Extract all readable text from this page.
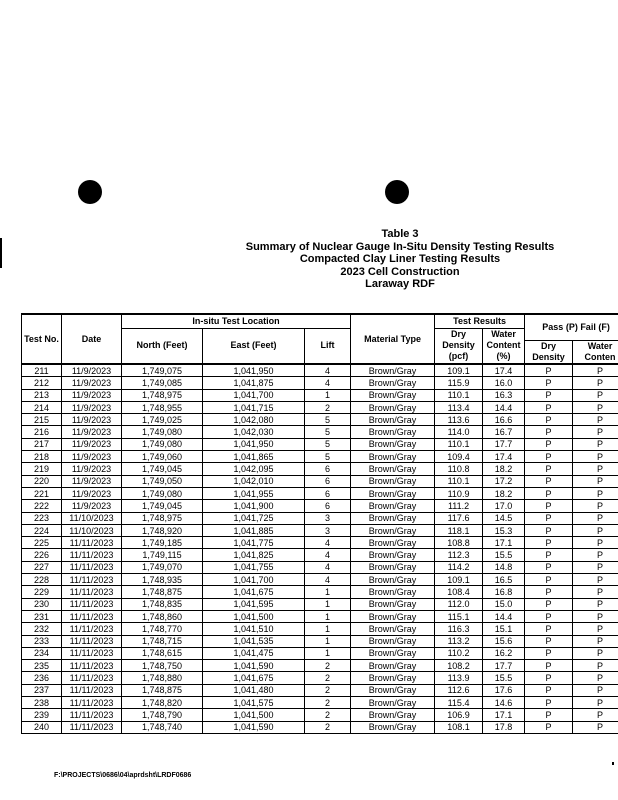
Table 3
Summary of Nuclear Gauge In-Situ Density Testing Results
Compacted Clay Liner Testing Results
2023 Cell Construction
Laraway RDF
Test No.	Date	In-situ Test Location			Material Type	Test Results		Pass (P) Fail (F)	
		North (Feet)	East (Feet)	Lift		Dry Density (pcf)	Water Content (%)		
								Dry Density	Water Conten
211	11/9/2023	1,749,075	1,041,950	4	Brown/Gray	109.1	17.4	P	P
212	11/9/2023	1,749,085	1,041,875	4	Brown/Gray	115.9	16.0	P	P
213	11/9/2023	1,748,975	1,041,700	1	Brown/Gray	110.1	16.3	P	P
214	11/9/2023	1,748,955	1,041,715	2	Brown/Gray	113.4	14.4	P	P
215	11/9/2023	1,749,025	1,042,080	5	Brown/Gray	113.6	16.6	P	P
216	11/9/2023	1,749,080	1,042,030	5	Brown/Gray	114.0	16.7	P	P
217	11/9/2023	1,749,080	1,041,950	5	Brown/Gray	110.1	17.7	P	P
218	11/9/2023	1,749,060	1,041,865	5	Brown/Gray	109.4	17.4	P	P
219	11/9/2023	1,749,045	1,042,095	6	Brown/Gray	110.8	18.2	P	P
220	11/9/2023	1,749,050	1,042,010	6	Brown/Gray	110.1	17.2	P	P
221	11/9/2023	1,749,080	1,041,955	6	Brown/Gray	110.9	18.2	P	P
222	11/9/2023	1,749,045	1,041,900	6	Brown/Gray	111.2	17.0	P	P
223	11/10/2023	1,748,975	1,041,725	3	Brown/Gray	117.6	14.5	P	P
224	11/10/2023	1,748,920	1,041,885	3	Brown/Gray	118.1	15.3	P	P
225	11/11/2023	1,749,185	1,041,775	4	Brown/Gray	108.8	17.1	P	P
226	11/11/2023	1,749,115	1,041,825	4	Brown/Gray	112.3	15.5	P	P
227	11/11/2023	1,749,070	1,041,755	4	Brown/Gray	114.2	14.8	P	P
228	11/11/2023	1,748,935	1,041,700	4	Brown/Gray	109.1	16.5	P	P
229	11/11/2023	1,748,875	1,041,675	1	Brown/Gray	108.4	16.8	P	P
230	11/11/2023	1,748,835	1,041,595	1	Brown/Gray	112.0	15.0	P	P
231	11/11/2023	1,748,860	1,041,500	1	Brown/Gray	115.1	14.4	P	P
232	11/11/2023	1,748,770	1,041,510	1	Brown/Gray	116.3	15.1	P	P
233	11/11/2023	1,748,715	1,041,535	1	Brown/Gray	113.2	15.6	P	P
234	11/11/2023	1,748,615	1,041,475	1	Brown/Gray	110.2	16.2	P	P
235	11/11/2023	1,748,750	1,041,590	2	Brown/Gray	108.2	17.7	P	P
236	11/11/2023	1,748,880	1,041,675	2	Brown/Gray	113.9	15.5	P	P
237	11/11/2023	1,748,875	1,041,480	2	Brown/Gray	112.6	17.6	P	P
238	11/11/2023	1,748,820	1,041,575	2	Brown/Gray	115.4	14.6	P	P
239	11/11/2023	1,748,790	1,041,500	2	Brown/Gray	106.9	17.1	P	P
240	11/11/2023	1,748,740	1,041,590	2	Brown/Gray	108.1	17.8	P	P
F:\PROJECTS\0686\04\aprdsht\LRDF0686
